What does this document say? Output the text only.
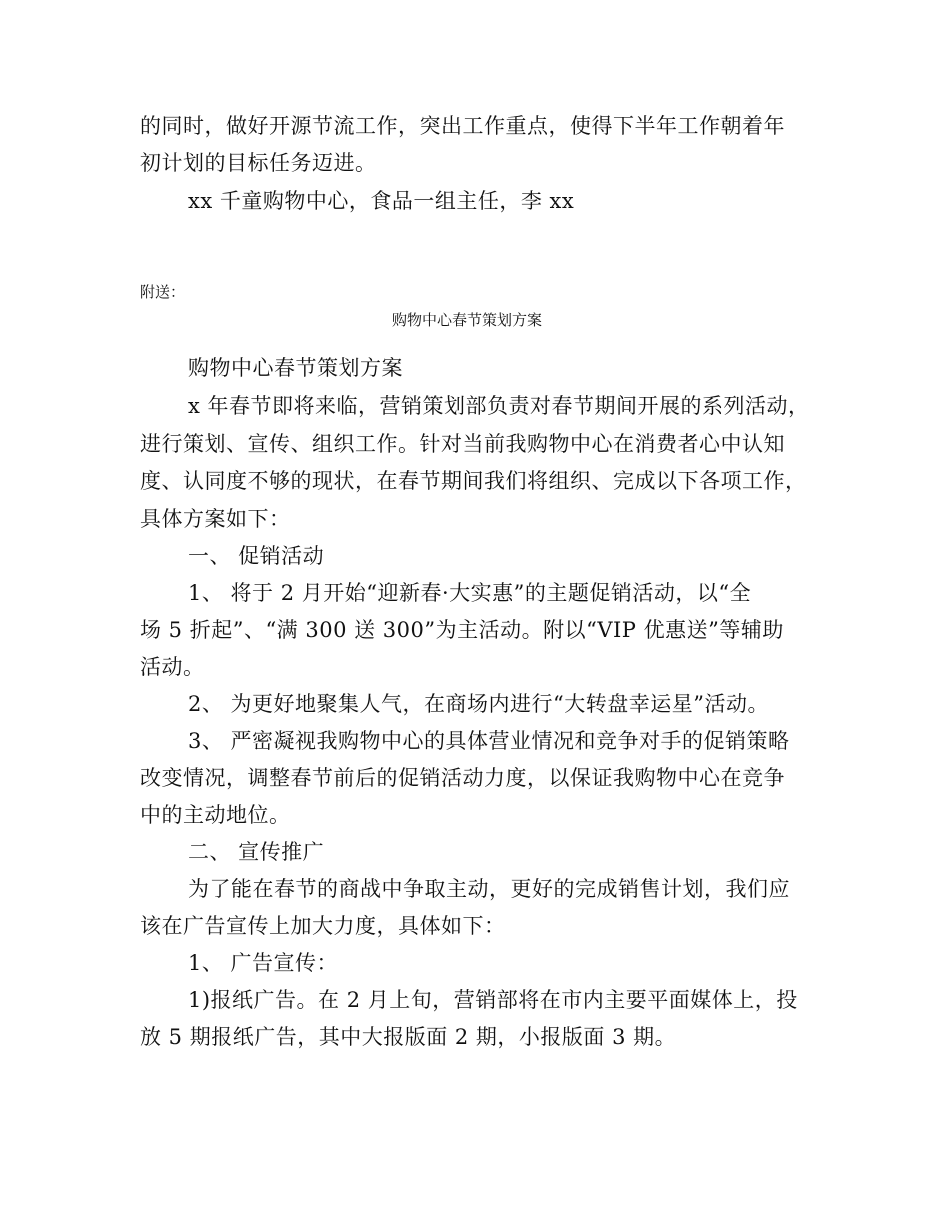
的同时，做好开源节流工作，突出工作重点，使得下半年工作朝着年
初计划的目标任务迈进。
xx 千童购物中心，食品一组主任，李 xx
附送：
购物中心春节策划方案
购物中心春节策划方案
x 年春节即将来临，营销策划部负责对春节期间开展的系列活动，
进行策划、宣传、组织工作。针对当前我购物中心在消费者心中认知
度、认同度不够的现状，在春节期间我们将组织、完成以下各项工作，
具体方案如下：
一、 促销活动
1、 将于 2 月开始“迎新春·大实惠”的主题促销活动，以“全
场 5 折起”、“满 300 送 300”为主活动。附以“VIP 优惠送”等辅助
活动。
2、 为更好地聚集人气，在商场内进行“大转盘幸运星”活动。
3、 严密凝视我购物中心的具体营业情况和竞争对手的促销策略
改变情况，调整春节前后的促销活动力度，以保证我购物中心在竞争
中的主动地位。
二、 宣传推广
为了能在春节的商战中争取主动，更好的完成销售计划，我们应
该在广告宣传上加大力度，具体如下：
1、 广告宣传：
1)报纸广告。在 2 月上旬，营销部将在市内主要平面媒体上，投
放 5 期报纸广告，其中大报版面 2 期，小报版面 3 期。
